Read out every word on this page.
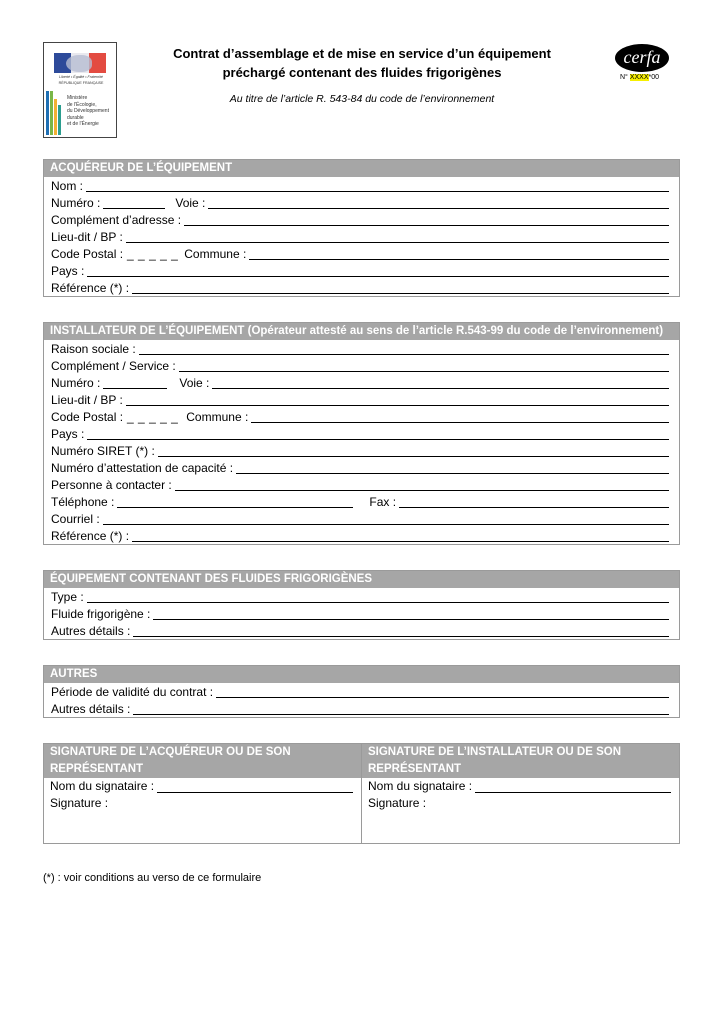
Liberté • Égalité • Fraternité
RÉPUBLIQUE FRANÇAISE
Ministère
de l'Écologie,
du Développement
durable
et de l'Énergie
Contrat d’assemblage et de mise en service d’un équipement
préchargé contenant des fluides frigorigènes
Au titre de l’article R. 543-84 du code de l’environnement
cerfa
N° XXXX*00
ACQUÉREUR DE L’ÉQUIPEMENT
Nom :
Numéro :	Voie :
Complément d’adresse :
Lieu-dit / BP :
Code Postal : _ _ _ _ _ Commune :
Pays :
Référence (*) :
INSTALLATEUR DE L’ÉQUIPEMENT (Opérateur attesté au sens de l’article R.543-99 du code de l’environnement)
Raison sociale :
Complément / Service :
Numéro :	Voie :
Lieu-dit / BP :
Code Postal : _ _ _ _ _ Commune :
Pays :
Numéro SIRET (*) :
Numéro d’attestation de capacité :
Personne à contacter :
Téléphone :	Fax :
Courriel :
Référence (*) :
ÉQUIPEMENT CONTENANT DES FLUIDES FRIGORIGÈNES
Type :
Fluide frigorigène :
Autres détails :
AUTRES
Période de validité du contrat :
Autres détails :
SIGNATURE DE L’ACQUÉREUR OU DE SON REPRÉSENTANT
Nom du signataire :
Signature :
SIGNATURE DE L’INSTALLATEUR OU DE SON REPRÉSENTANT
Nom du signataire :
Signature :
(*) : voir conditions au verso de ce formulaire
